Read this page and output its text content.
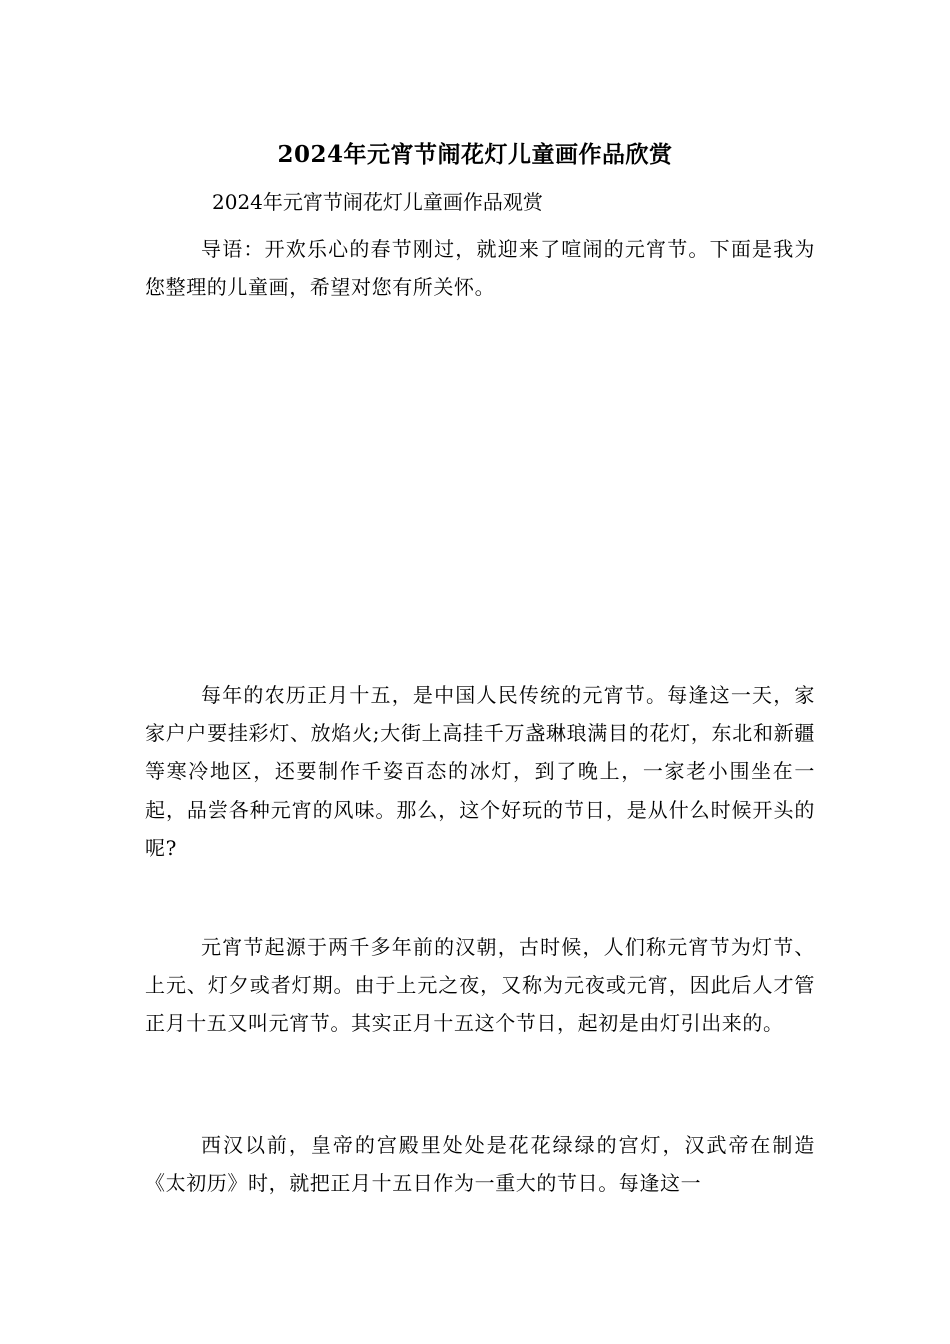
2024年元宵节闹花灯儿童画作品欣赏

2024年元宵节闹花灯儿童画作品观赏

导语：开欢乐心的春节刚过，就迎来了喧闹的元宵节。下面是我为您整理的儿童画，希望对您有所关怀。

每年的农历正月十五，是中国人民传统的元宵节。每逢这一天，家家户户要挂彩灯、放焰火;大街上高挂千万盏琳琅满目的花灯，东北和新疆等寒冷地区，还要制作千姿百态的冰灯，到了晚上，一家老小围坐在一起，品尝各种元宵的风味。那么，这个好玩的节日，是从什么时候开头的呢?

元宵节起源于两千多年前的汉朝，古时候，人们称元宵节为灯节、上元、灯夕或者灯期。由于上元之夜，又称为元夜或元宵，因此后人才管正月十五又叫元宵节。其实正月十五这个节日，起初是由灯引出来的。

西汉以前，皇帝的宫殿里处处是花花绿绿的宫灯，汉武帝在制造《太初历》时，就把正月十五日作为一重大的节日。每逢这一
